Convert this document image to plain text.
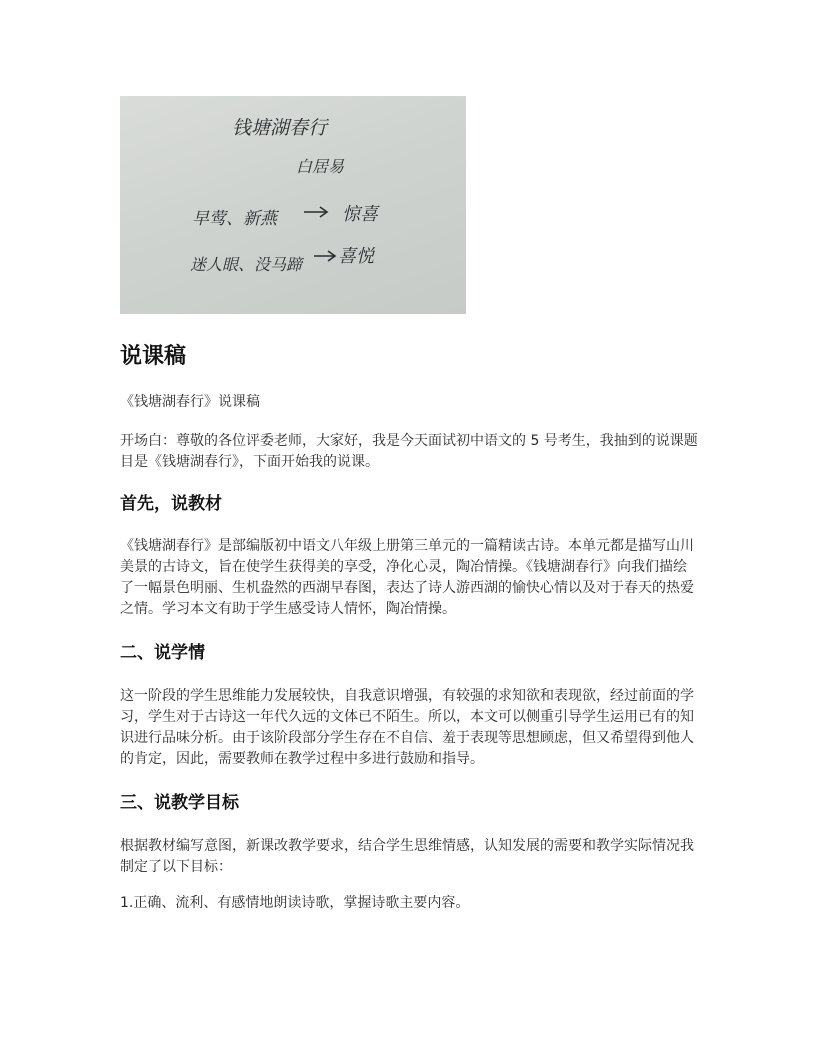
钱塘湖春行
白居易
早莺、新燕	惊喜
迷人眼、没马蹄 喜悦
说课稿

《钱塘湖春行》说课稿

开场白：尊敬的各位评委老师，大家好，我是今天面试初中语文的 5 号考生，我抽到的说课题目是《钱塘湖春行》，下面开始我的说课。

首先，说教材

《钱塘湖春行》是部编版初中语文八年级上册第三单元的一篇精读古诗。本单元都是描写山川美景的古诗文，旨在使学生获得美的享受，净化心灵，陶冶情操。《钱塘湖春行》向我们描绘了一幅景色明丽、生机盎然的西湖早春图，表达了诗人游西湖的愉快心情以及对于春天的热爱之情。学习本文有助于学生感受诗人情怀，陶冶情操。

二、说学情

这一阶段的学生思维能力发展较快，自我意识增强，有较强的求知欲和表现欲，经过前面的学习，学生对于古诗这一年代久远的文体已不陌生。所以，本文可以侧重引导学生运用已有的知识进行品味分析。由于该阶段部分学生存在不自信、羞于表现等思想顾虑，但又希望得到他人的肯定，因此，需要教师在教学过程中多进行鼓励和指导。

三、说教学目标

根据教材编写意图，新课改教学要求，结合学生思维情感，认知发展的需要和教学实际情况我制定了以下目标：

1.正确、流利、有感情地朗读诗歌，掌握诗歌主要内容。
